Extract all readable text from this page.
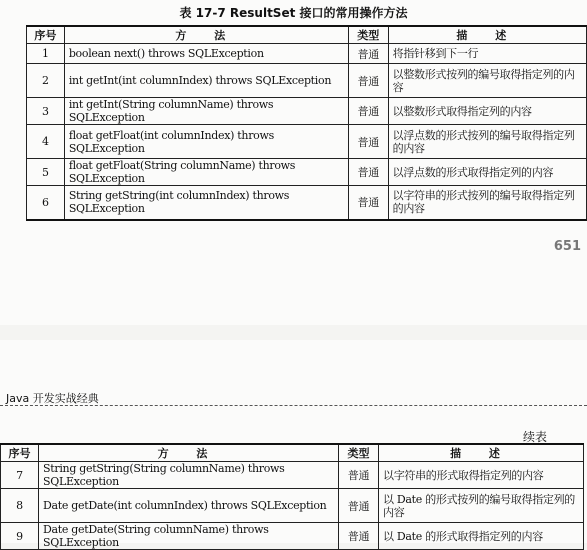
表 17-7 ResultSet 接口的常用操作方法
序号	方 法	类型	描 述
1	boolean next() throws SQLException	普通	将指针移到下一行
2	int getInt(int columnIndex) throws SQLException	普通	以整数形式按列的编号取得指定列的内容
3	int getInt(String columnName) throws SQLException	普通	以整数形式取得指定列的内容
4	float getFloat(int columnIndex) throws SQLException	普通	以浮点数的形式按列的编号取得指定列的内容
5	float getFloat(String columnName) throws SQLException	普通	以浮点数的形式取得指定列的内容
6	String getString(int columnIndex) throws SQLException	普通	以字符串的形式按列的编号取得指定列的内容
651
Java 开发实战经典
续表
序号	方 法	类型	描 述
7	String getString(String columnName) throws SQLException	普通	以字符串的形式取得指定列的内容
8	Date getDate(int columnIndex) throws SQLException	普通	以 Date 的形式按列的编号取得指定列的内容
9	Date getDate(String columnName) throws SQLException	普通	以 Date 的形式取得指定列的内容
